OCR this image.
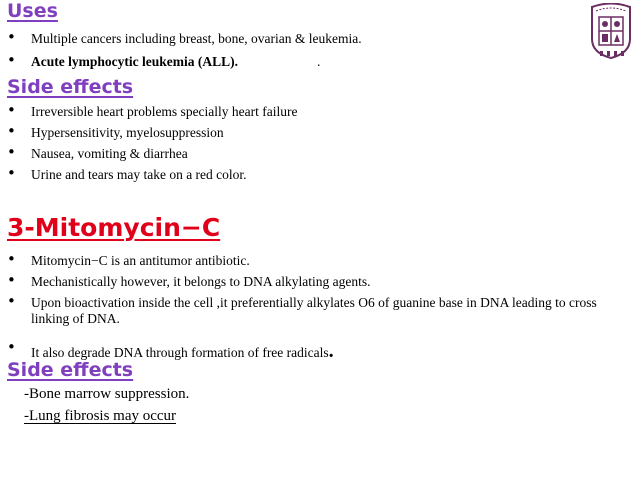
Uses
• Multiple cancers including breast, bone, ovarian & leukemia.
• Acute lymphocytic leukemia (ALL).	.
Side effects
• Irreversible heart problems specially heart failure
• Hypersensitivity, myelosuppression
• Nausea, vomiting & diarrhea
• Urine and tears may take on a red color.
3-Mitomycin−C
• Mitomycin−C is an antitumor antibiotic.
• Mechanistically however, it belongs to DNA alkylating agents.
• Upon bioactivation inside the cell ,it preferentially alkylates O6 of guanine base in DNA leading to cross linking of DNA.
• It also degrade DNA through formation of free radicals.
Side effects
-Bone marrow suppression.
-Lung fibrosis may occur
